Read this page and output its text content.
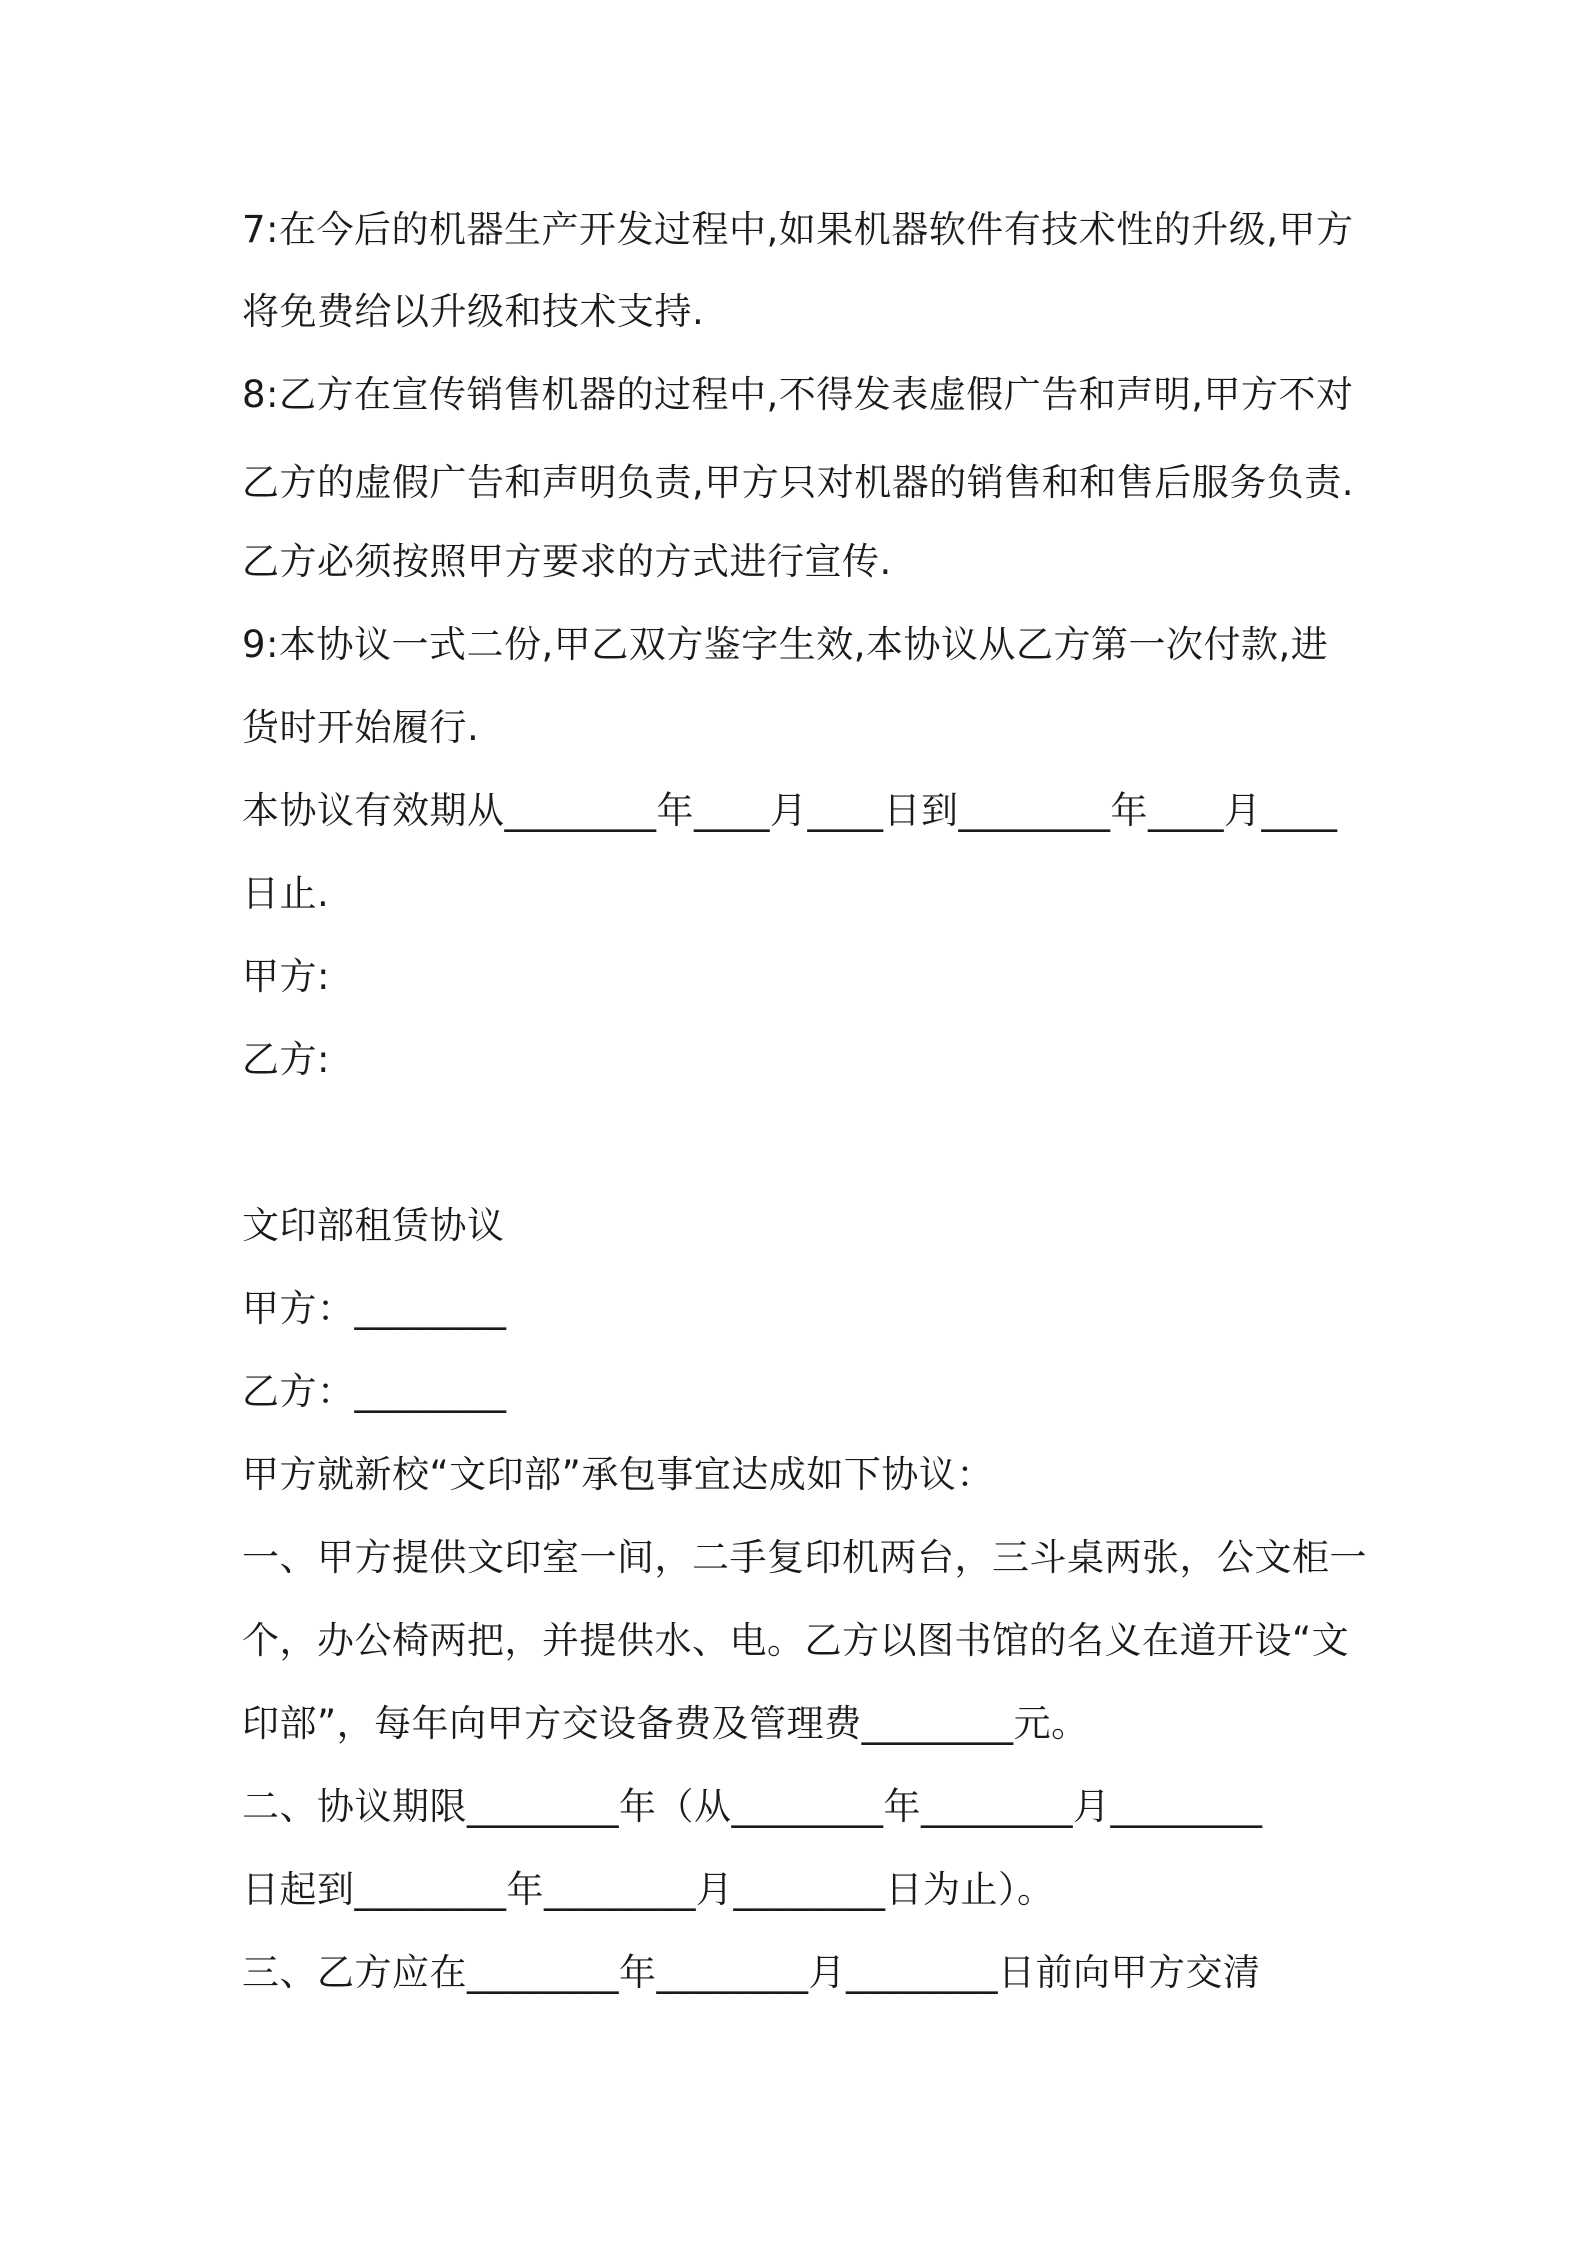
7:在今后的机器生产开发过程中,如果机器软件有技术性的升级,甲方
将免费给以升级和技术支持.
8:乙方在宣传销售机器的过程中,不得发表虚假广告和声明,甲方不对
乙方的虚假广告和声明负责,甲方只对机器的销售和和售后服务负责.
乙方必须按照甲方要求的方式进行宣传.
9:本协议一式二份,甲乙双方鉴字生效,本协议从乙方第一次付款,进
货时开始履行.
本协议有效期从________年____月____日到________年____月____
日止.
甲方:
乙方:
文印部租赁协议
甲方：________
乙方：________
甲方就新校“文印部”承包事宜达成如下协议：
一、甲方提供文印室一间，二手复印机两台，三斗桌两张，公文柜一
个，办公椅两把，并提供水、电。乙方以图书馆的名义在道开设“文
印部”，每年向甲方交设备费及管理费________元。
二、协议期限________年（从________年________月________
日起到________年________月________日为止）。
三、乙方应在________年________月________日前向甲方交清
